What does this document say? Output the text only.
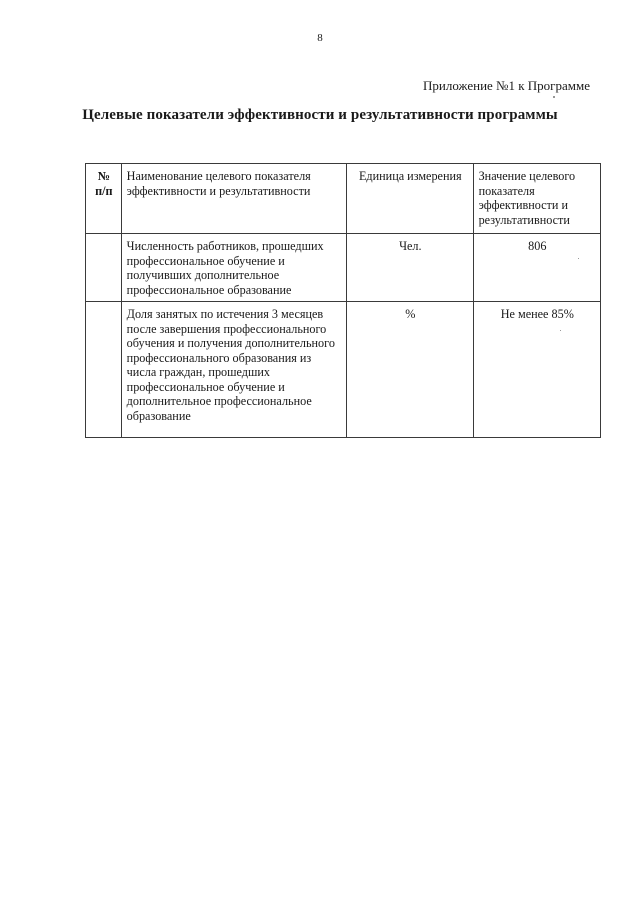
8
Приложение №1 к Программе
Целевые показатели эффективности и результативности программы
№ п/п	Наименование целевого показателя эффективности и результативности	Единица измерения	Значение целевого показателя эффективности и результативности
	Численность работников, прошедших профессиональное обучение и получивших дополнительное профессиональное образование	Чел.	806
	Доля занятых по истечения 3 месяцев после завершения профессионального обучения и получения дополнительного профессионального образования из числа граждан, прошедших профессиональное обучение и дополнительное профессиональное образование	%	Не менее 85%
